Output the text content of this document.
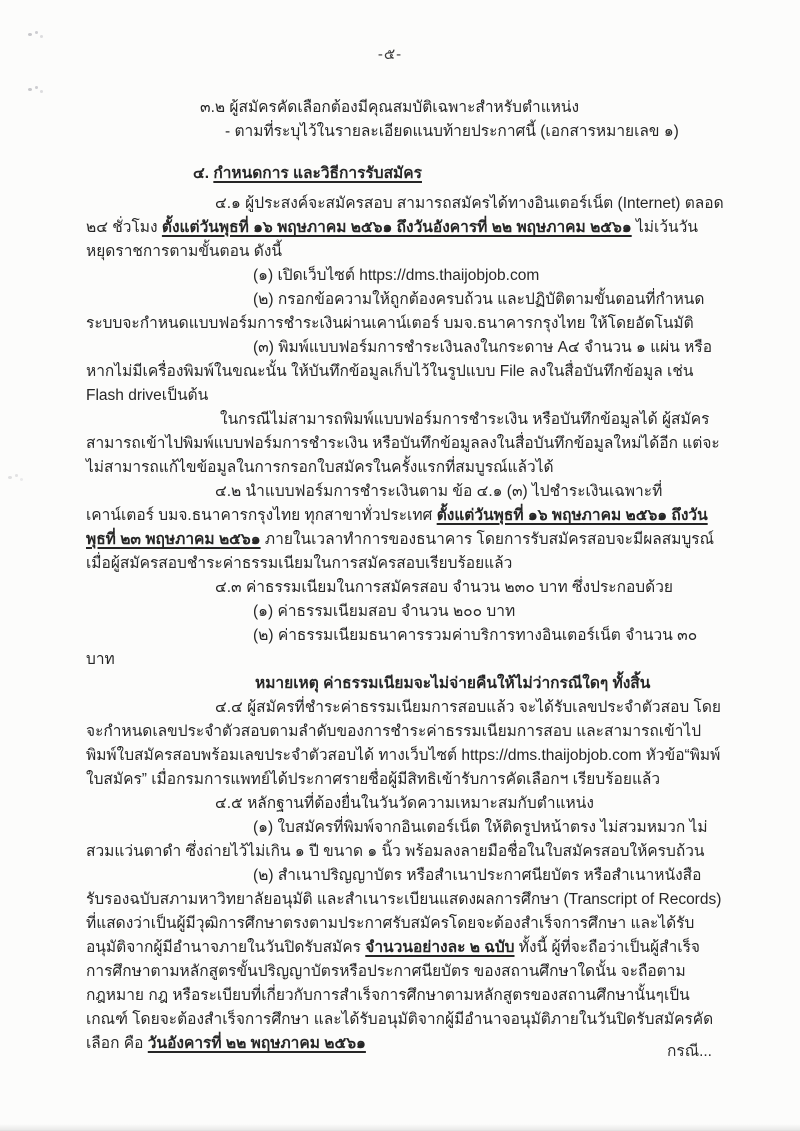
-๕-

๓.๒ ผู้สมัครคัดเลือกต้องมีคุณสมบัติเฉพาะสำหรับตำแหน่ง

- ตามที่ระบุไว้ในรายละเอียดแนบท้ายประกาศนี้ (เอกสารหมายเลข ๑)

๔. กำหนดการ และวิธีการรับสมัคร

๔.๑ ผู้ประสงค์จะสมัครสอบ สามารถสมัครได้ทางอินเตอร์เน็ต (Internet) ตลอด ๒๔ ชั่วโมง ตั้งแต่วันพุธที่ ๑๖ พฤษภาคม ๒๕๖๑ ถึงวันอังคารที่ ๒๒ พฤษภาคม ๒๕๖๑ ไม่เว้นวันหยุดราชการตามขั้นตอน ดังนี้

(๑) เปิดเว็บไซต์ https://dms.thaijobjob.com

(๒) กรอกข้อความให้ถูกต้องครบถ้วน และปฏิบัติตามขั้นตอนที่กำหนดระบบจะกำหนดแบบฟอร์มการชำระเงินผ่านเคาน์เตอร์ บมจ.ธนาคารกรุงไทย ให้โดยอัตโนมัติ

(๓) พิมพ์แบบฟอร์มการชำระเงินลงในกระดาษ A๔ จำนวน ๑ แผ่น หรือหากไม่มีเครื่องพิมพ์ในขณะนั้น ให้บันทึกข้อมูลเก็บไว้ในรูปแบบ File ลงในสื่อบันทึกข้อมูล เช่น Flash driveเป็นต้น

ในกรณีไม่สามารถพิมพ์แบบฟอร์มการชำระเงิน หรือบันทึกข้อมูลได้ ผู้สมัครสามารถเข้าไปพิมพ์แบบฟอร์มการชำระเงิน หรือบันทึกข้อมูลลงในสื่อบันทึกข้อมูลใหม่ได้อีก แต่จะไม่สามารถแก้ไขข้อมูลในการกรอกใบสมัครในครั้งแรกที่สมบูรณ์แล้วได้

๔.๒ นำแบบฟอร์มการชำระเงินตาม ข้อ ๔.๑ (๓) ไปชำระเงินเฉพาะที่เคาน์เตอร์ บมจ.ธนาคารกรุงไทย ทุกสาขาทั่วประเทศ ตั้งแต่วันพุธที่ ๑๖ พฤษภาคม ๒๕๖๑ ถึงวันพุธที่ ๒๓ พฤษภาคม ๒๕๖๑ ภายในเวลาทำการของธนาคาร โดยการรับสมัครสอบจะมีผลสมบูรณ์เมื่อผู้สมัครสอบชำระค่าธรรมเนียมในการสมัครสอบเรียบร้อยแล้ว

๔.๓ ค่าธรรมเนียมในการสมัครสอบ จำนวน ๒๓๐ บาท ซึ่งประกอบด้วย

(๑) ค่าธรรมเนียมสอบ จำนวน ๒๐๐ บาท

(๒) ค่าธรรมเนียมธนาคารรวมค่าบริการทางอินเตอร์เน็ต จำนวน ๓๐ บาท

หมายเหตุ ค่าธรรมเนียมจะไม่จ่ายคืนให้ไม่ว่ากรณีใดๆ ทั้งสิ้น

๔.๔ ผู้สมัครที่ชำระค่าธรรมเนียมการสอบแล้ว จะได้รับเลขประจำตัวสอบ โดยจะกำหนดเลขประจำตัวสอบตามลำดับของการชำระค่าธรรมเนียมการสอบ และสามารถเข้าไปพิมพ์ใบสมัครสอบพร้อมเลขประจำตัวสอบได้ ทางเว็บไซต์ https://dms.thaijobjob.com หัวข้อ“พิมพ์ใบสมัคร” เมื่อกรมการแพทย์ได้ประกาศรายชื่อผู้มีสิทธิเข้ารับการคัดเลือกฯ เรียบร้อยแล้ว

๔.๕ หลักฐานที่ต้องยื่นในวันวัดความเหมาะสมกับตำแหน่ง

(๑) ใบสมัครที่พิมพ์จากอินเตอร์เน็ต ให้ติดรูปหน้าตรง ไม่สวมหมวก ไม่สวมแว่นตาดำ ซึ่งถ่ายไว้ไม่เกิน ๑ ปี ขนาด ๑ นิ้ว พร้อมลงลายมือชื่อในใบสมัครสอบให้ครบถ้วน

(๒) สำเนาปริญญาบัตร หรือสำเนาประกาศนียบัตร หรือสำเนาหนังสือรับรองฉบับสภามหาวิทยาลัยอนุมัติ และสำเนาระเบียนแสดงผลการศึกษา (Transcript of Records) ที่แสดงว่าเป็นผู้มีวุฒิการศึกษาตรงตามประกาศรับสมัครโดยจะต้องสำเร็จการศึกษา และได้รับอนุมัติจากผู้มีอำนาจภายในวันปิดรับสมัคร จำนวนอย่างละ ๒ ฉบับ ทั้งนี้ ผู้ที่จะถือว่าเป็นผู้สำเร็จการศึกษาตามหลักสูตรขั้นปริญญาบัตรหรือประกาศนียบัตร ของสถานศึกษาใดนั้น จะถือตามกฎหมาย กฎ หรือระเบียบที่เกี่ยวกับการสำเร็จการศึกษาตามหลักสูตรของสถานศึกษานั้นๆเป็นเกณฑ์ โดยจะต้องสำเร็จการศึกษา และได้รับอนุมัติจากผู้มีอำนาจอนุมัติภายในวันปิดรับสมัครคัดเลือก คือ วันอังคารที่ ๒๒ พฤษภาคม ๒๕๖๑	กรณี...
